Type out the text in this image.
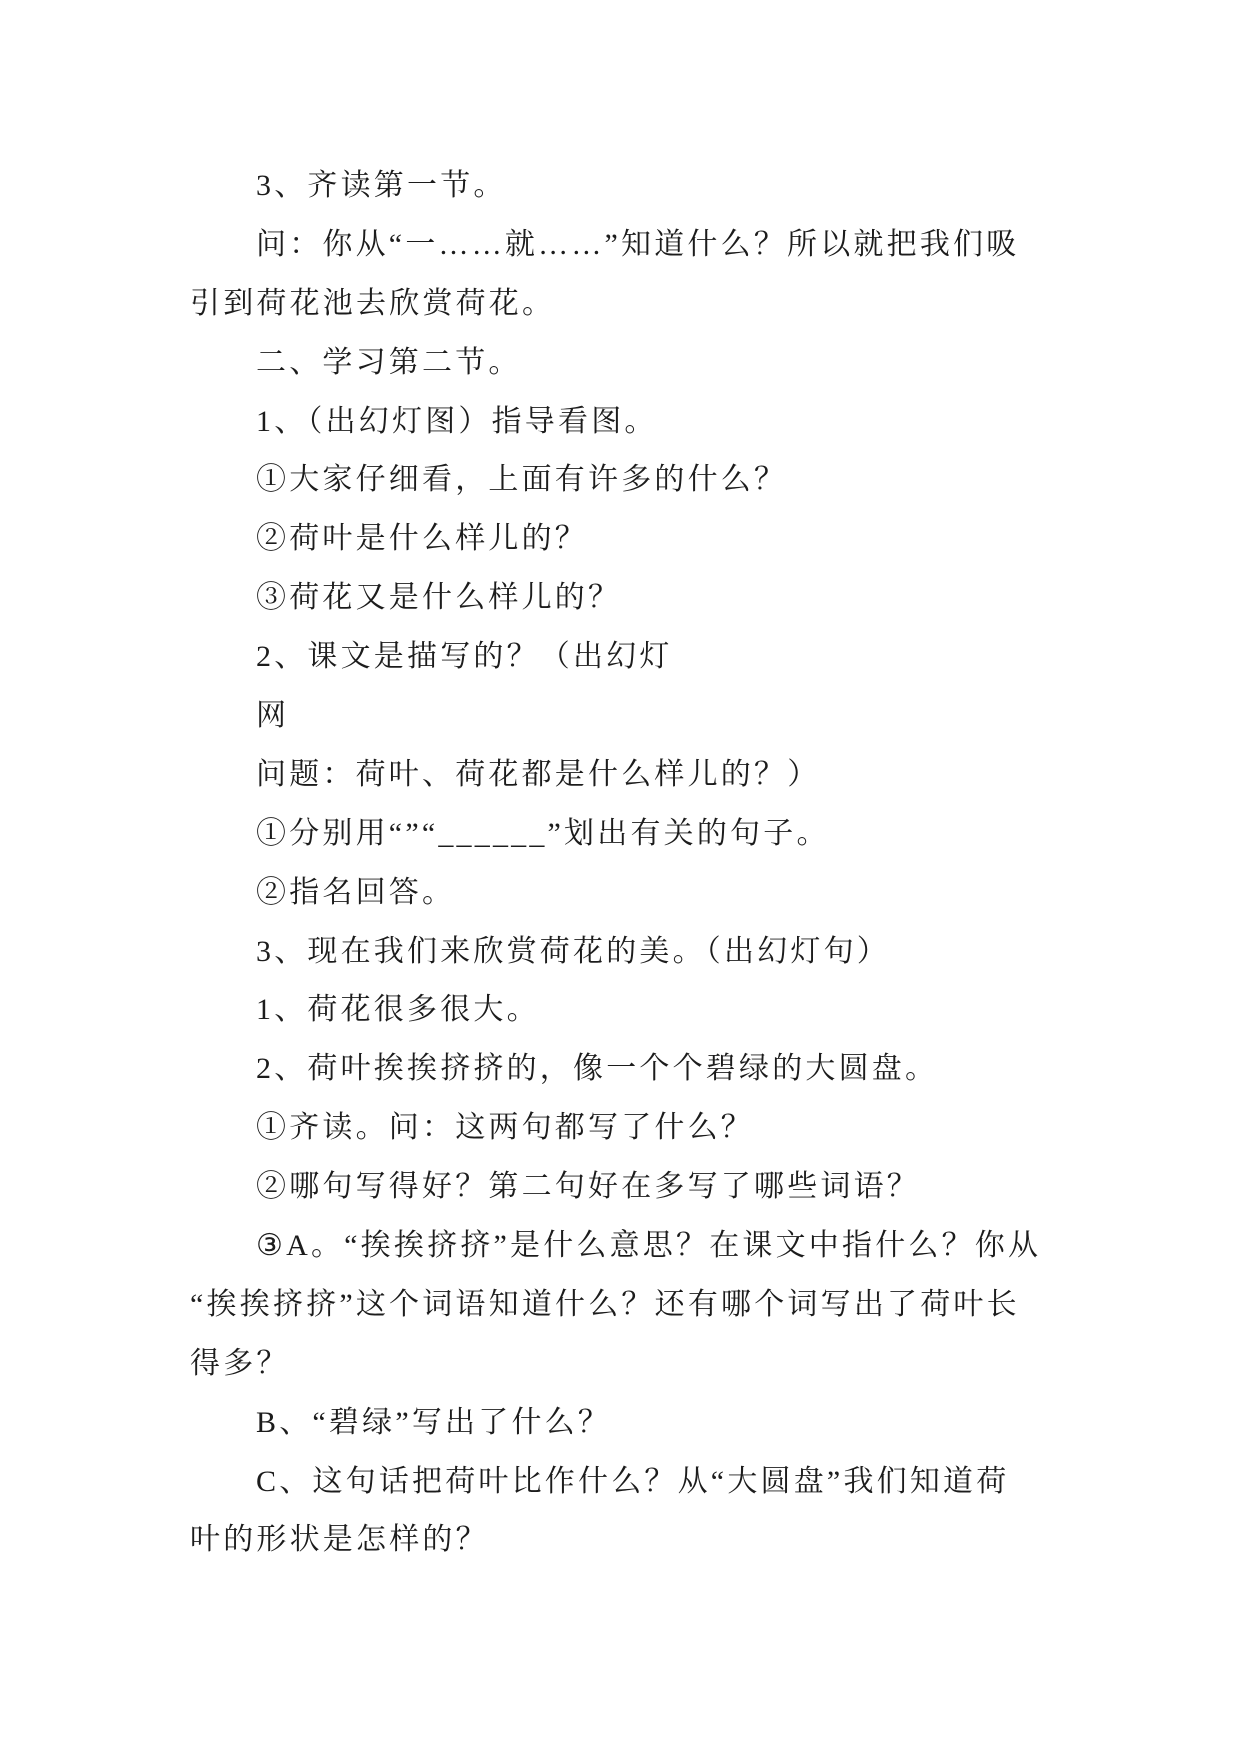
3、齐读第一节。
问：你从“一……就……”知道什么？所以就把我们吸
引到荷花池去欣赏荷花。
二、学习第二节。
1、（出幻灯图）指导看图。
①大家仔细看，上面有许多的什么？
②荷叶是什么样儿的？
③荷花又是什么样儿的？
2、课文是描写的？（出幻灯
网
问题：荷叶、荷花都是什么样儿的？）
①分别用“”“______”划出有关的句子。
②指名回答。
3、现在我们来欣赏荷花的美。（出幻灯句）
1、荷花很多很大。
2、荷叶挨挨挤挤的，像一个个碧绿的大圆盘。
①齐读。问：这两句都写了什么？
②哪句写得好？第二句好在多写了哪些词语？
③A。“挨挨挤挤”是什么意思？在课文中指什么？你从
“挨挨挤挤”这个词语知道什么？还有哪个词写出了荷叶长
得多？
B、“碧绿”写出了什么？
C、这句话把荷叶比作什么？从“大圆盘”我们知道荷
叶的形状是怎样的？
